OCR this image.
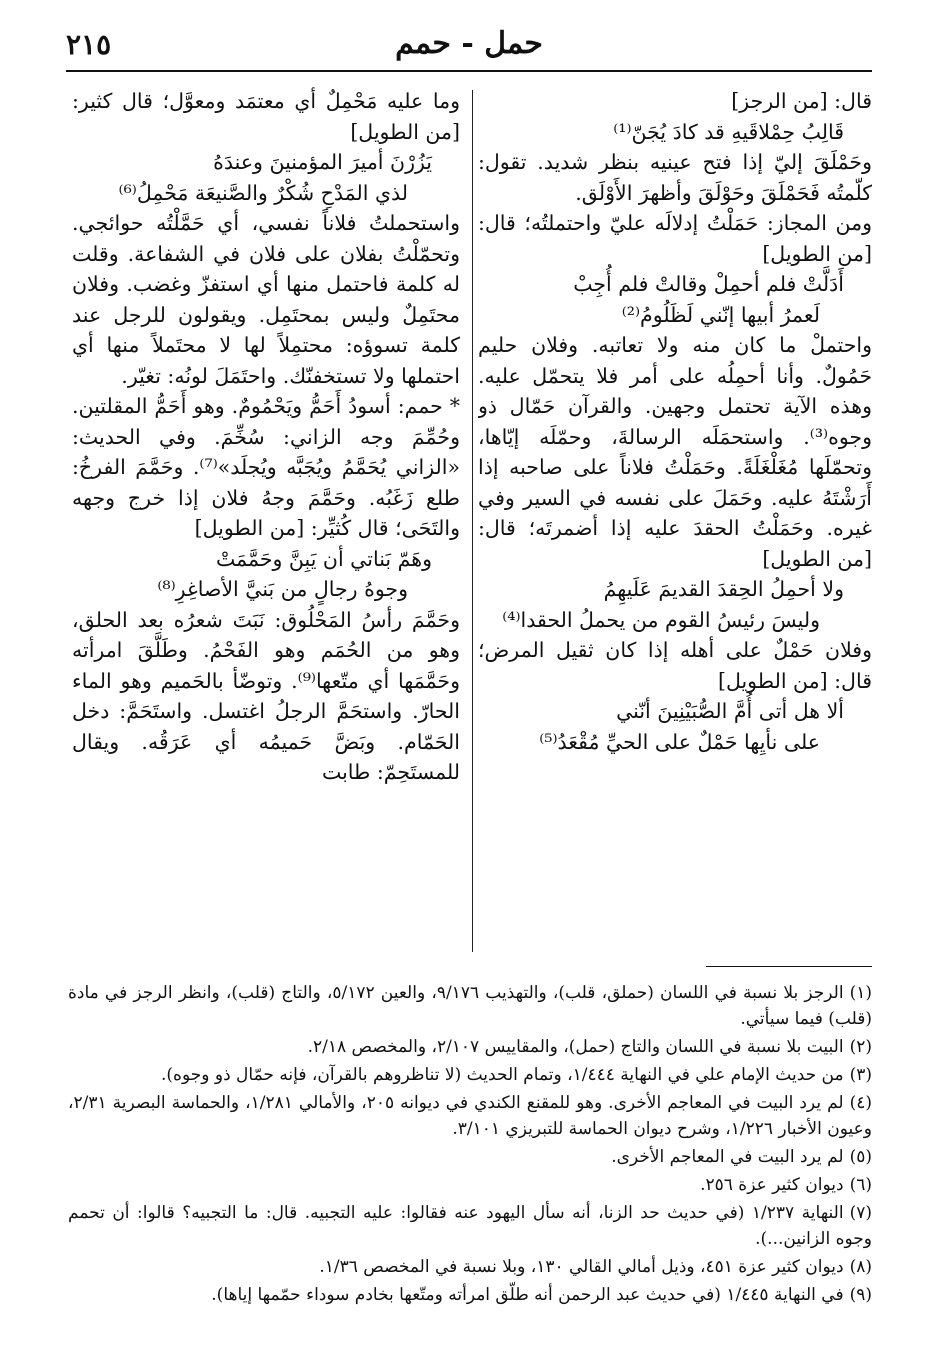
حمل - حمم
٢١٥

قال: [من الرجز]

قَالِبُ حِمْلاقَيهِ قد كادَ يُجَنّ⁽¹⁾

وحَمْلَقَ إليّ إذا فتح عينيه بنظر شديد. تقول: كلّمتُه فَحَمْلَقَ وحَوْلَقَ وأظهرَ الأَوْلَق.

ومن المجاز: حَمَلْتُ إدلالَه عليّ واحتملتُه؛ قال: [من الطويل]

أَدَلَّتْ فلم أحمِلْ وقالتْ فلم أُجِبْ

لَعمرُ أبيها إنّني لَظَلُومُ⁽²⁾

واحتملْ ما كان منه ولا تعاتبه. وفلان حليم حَمُولٌ. وأنا أحمِلُه على أمر فلا يتحمّل عليه. وهذه الآية تحتمل وجهين. والقرآن حَمّال ذو وجوه⁽³⁾. واستحمَلَه الرسالةَ، وحمّلَه إيّاها، وتحمّلَها مُغَلْغَلَةً. وحَمَلْتُ فلاناً على صاحبه إذا أَرَشْتَهُ عليه. وحَمَلَ على نفسه في السير وفي غيره. وحَمَلْتُ الحقدَ عليه إذا أضمرتَه؛ قال: [من الطويل]

ولا أحمِلُ الحِقدَ القديمَ عَلَيهِمُ

وليسَ رئيسُ القوم من يحملُ الحقدا⁽⁴⁾

وفلان حَمْلٌ على أهله إذا كان ثقيل المرض؛ قال: [من الطويل]

ألا هل أتى أُمَّ الصُّبَيْنِينَ أنّني

على نأيِها حَمْلٌ على الحيِّ مُقْعَدُ⁽⁵⁾

وما عليه مَحْمِلٌ أي معتمَد ومعوَّل؛ قال كثير: [من الطويل]

يَزُرْنَ أميرَ المؤمنينَ وعندَهُ

لذي المَدْحِ شُكْرٌ والصَّنيعَة مَحْمِلُ⁽⁶⁾

واستحملتُ فلاناً نفسي، أي حَمَّلْتُه حوائجي. وتحمّلْتُ بفلان على فلان في الشفاعة. وقلت له كلمة فاحتمل منها أي استفزّ وغضب. وفلان محتَمِلٌ وليس بمحتَمِل. ويقولون للرجل عند كلمة تسوؤه: محتمِلاً لها لا محتَملاً منها أي احتملها ولا تستخفنّك. واحتَمَلَ لونُه: تغيّر.

* حمم: أسودُ أَحَمُّ ويَحْمُومٌ. وهو أَحَمُّ المقلتين. وحُمِّمَ وجه الزاني: سُخِّمَ. وفي الحديث: «الزاني يُحَمَّمُ ويُجَبَّه ويُجلَد»⁽⁷⁾. وحَمَّمَ الفرخُ: طلع زَغَبُه. وحَمَّمَ وجهُ فلان إذا خرج وجهه والتَحَى؛ قال كُثيِّر: [من الطويل]

وهَمّ بَناتي أن يَبِنَّ وحَمَّمَتْ

وجوهُ رجالٍ من بَنيَّ الأصاغِرِ⁽⁸⁾

وحَمَّمَ رأسُ المَحْلُوق: نَبَتَ شعرُه بعد الحلق، وهو من الحُمَم وهو الفَحْمُ. وطَلَّقَ امرأته وحَمَّمَها أي متّعها⁽⁹⁾. وتوضّأ بالحَميم وهو الماء الحارّ. واستحَمَّ الرجلُ اغتسل. واستَحَمَّ: دخل الحَمّام. وبَضَّ حَميمُه أي عَرَقُه. ويقال للمستَحِمّ: طابت

(١)الرجز بلا نسبة في اللسان (حملق، قلب)، والتهذيب ٩/١٧٦، والعين ٥/١٧٢، والتاج (قلب)، وانظر الرجز في مادة (قلب) فيما سيأتي.

(٢)البيت بلا نسبة في اللسان والتاج (حمل)، والمقاييس ٢/١٠٧، والمخصص ٢/١٨.

(٣)من حديث الإمام علي في النهاية ١/٤٤٤، وتمام الحديث (لا تناظروهم بالقرآن، فإنه حمّال ذو وجوه).

(٤)لم يرد البيت في المعاجم الأخرى. وهو للمقنع الكندي في ديوانه ٢٠٥، والأمالي ١/٢٨١، والحماسة البصرية ٢/٣١، وعيون الأخبار ١/٢٢٦، وشرح ديوان الحماسة للتبريزي ٣/١٠١.

(٥)لم يرد البيت في المعاجم الأخرى.

(٦)ديوان كثير عزة ٢٥٦.

(٧)النهاية ١/٢٣٧ (في حديث حد الزنا، أنه سأل اليهود عنه فقالوا: عليه التجبيه. قال: ما التجبيه؟ قالوا: أن تحمم وجوه الزانين...).

(٨)ديوان كثير عزة ٤٥١، وذيل أمالي القالي ١٣٠، وبلا نسبة في المخصص ١/٣٦.

(٩)في النهاية ١/٤٤٥ (في حديث عبد الرحمن أنه طلّق امرأته ومتّعها بخادم سوداء حمّمها إياها).
